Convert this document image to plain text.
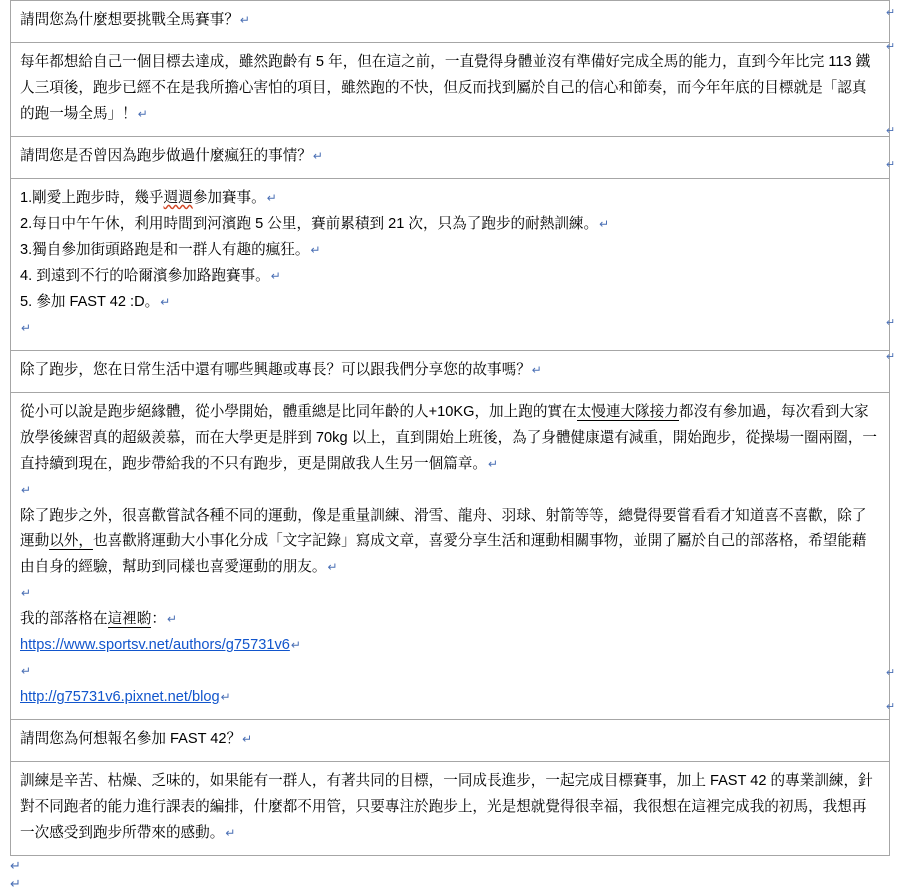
請問您為什麼想要挑戰全馬賽事？↵

每年都想給自己一個目標去達成，雖然跑齡有 5 年，但在這之前，一直覺得身體並沒有準備好完成全馬的能力，直到今年比完 113 鐵人三項後，跑步已經不在是我所擔心害怕的項目，雖然跑的不快，但反而找到屬於自己的信心和節奏，而今年年底的目標就是「認真的跑一場全馬」！↵

請問您是否曾因為跑步做過什麼瘋狂的事情？↵

1.剛愛上跑步時，幾乎週週參加賽事。↵

2.每日中午午休，利用時間到河濱跑 5 公里，賽前累積到 21 次，只為了跑步的耐熱訓練。↵

3.獨自參加街頭路跑是和一群人有趣的瘋狂。↵

4. 到遠到不行的哈爾濱參加路跑賽事。↵

5. 參加 FAST 42 :D。↵

↵

除了跑步，您在日常生活中還有哪些興趣或專長？可以跟我們分享您的故事嗎？↵

從小可以說是跑步絕緣體，從小學開始，體重總是比同年齡的人+10KG，加上跑的實在太慢連大隊接力都沒有參加過，每次看到大家放學後練習真的超級羨慕，而在大學更是胖到 70kg 以上，直到開始上班後，為了身體健康還有減重，開始跑步，從操場一圈兩圈，一直持續到現在，跑步帶給我的不只有跑步，更是開啟我人生另一個篇章。↵

↵

除了跑步之外，很喜歡嘗試各種不同的運動，像是重量訓練、滑雪、龍舟、羽球、射箭等等，總覺得要嘗看看才知道喜不喜歡，除了運動以外，也喜歡將運動大小事化分成「文字記錄」寫成文章，喜愛分享生活和運動相關事物，並開了屬於自己的部落格，希望能藉由自身的經驗，幫助到同樣也喜愛運動的朋友。↵

↵

我的部落格在這裡喲：↵

https://www.sportsv.net/authors/g75731v6↵

↵

http://g75731v6.pixnet.net/blog↵

請問您為何想報名參加 FAST 42？↵

訓練是辛苦、枯燥、乏味的，如果能有一群人，有著共同的目標，一同成長進步，一起完成目標賽事，加上 FAST 42 的專業訓練，針對不同跑者的能力進行課表的編排，什麼都不用管，只要專注於跑步上，光是想就覺得很幸福，我很想在這裡完成我的初馬，我想再一次感受到跑步所帶來的感動。↵

↵
↵
↵
↵
↵
↵
↵
↵
↵
↵
